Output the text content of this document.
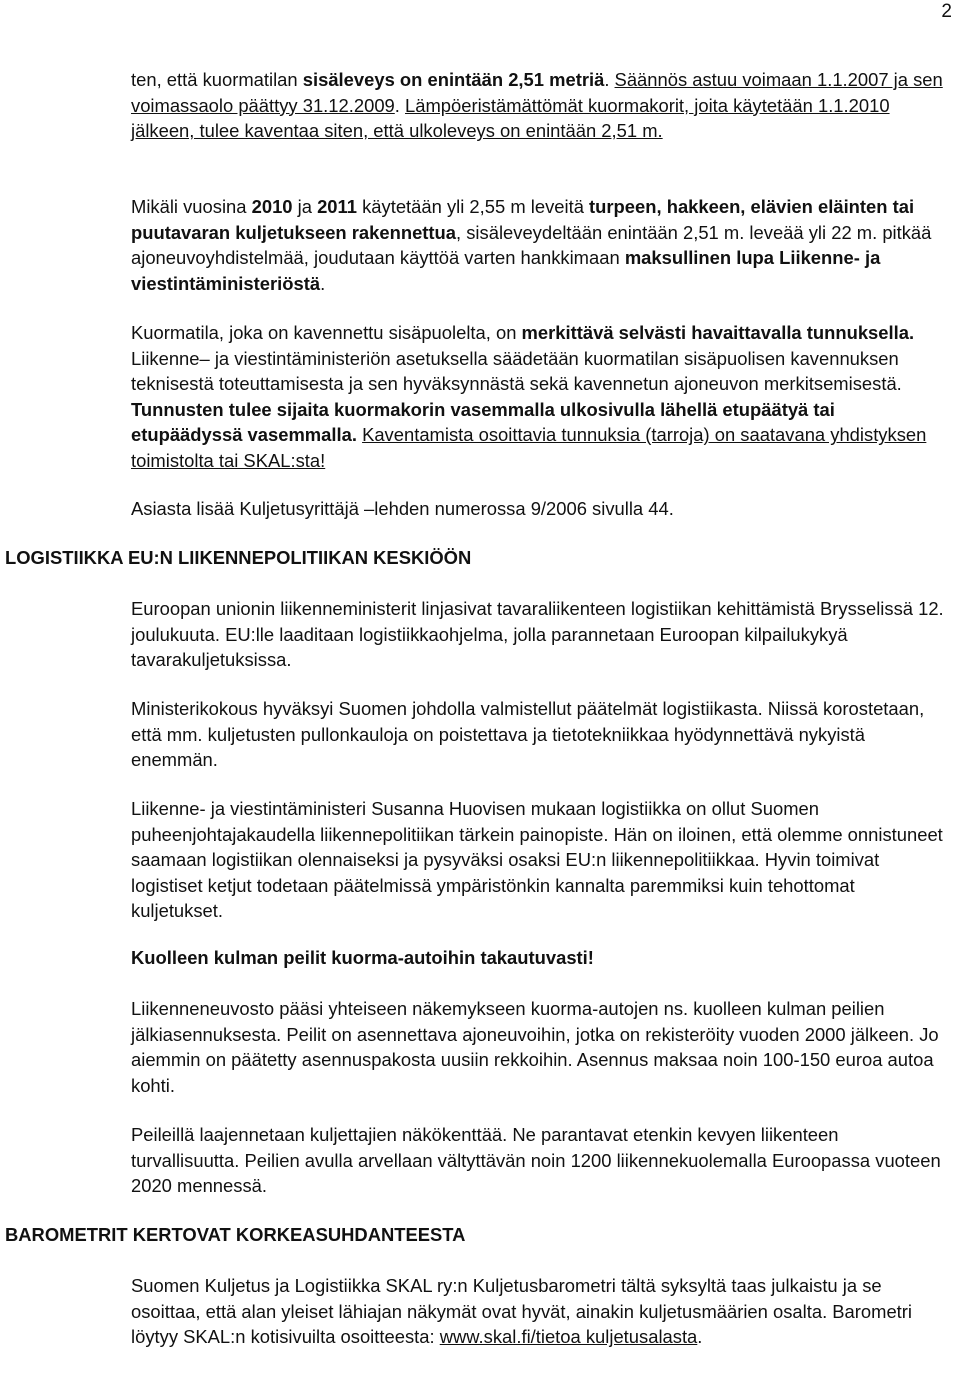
2

ten, että kuormatilan sisäleveys on enintään 2,51 metriä. Säännös astuu voimaan 1.1.2007 ja sen voimassaolo päättyy 31.12.2009. Lämpöeristämättömät kuormakorit, joita käytetään 1.1.2010 jälkeen, tulee kaventaa siten, että ulkoleveys on enintään 2,51 m.

Mikäli vuosina 2010 ja 2011 käytetään yli 2,55 m leveitä turpeen, hakkeen, elävien eläinten tai puutavaran kuljetukseen rakennettua, sisäleveydeltään enintään 2,51 m. leveää yli 22 m. pitkää ajoneuvoyhdistelmää, joudutaan käyttöä varten hankkimaan maksullinen lupa Liikenne- ja viestintäministeriöstä.

Kuormatila, joka on kavennettu sisäpuolelta, on merkittävä selvästi havaittavalla tunnuksella. Liikenne– ja viestintäministeriön asetuksella säädetään kuormatilan sisäpuolisen kavennuksen teknisestä toteuttamisesta ja sen hyväksynnästä sekä kavennetun ajoneuvon merkitsemisestä. Tunnusten tulee sijaita kuormakorin vasemmalla ulkosivulla lähellä etupäätyä tai etupäädyssä vasemmalla. Kaventamista osoittavia tunnuksia (tarroja) on saatavana yhdistyksen toimistolta tai SKAL:sta!

Asiasta lisää Kuljetusyrittäjä –lehden numerossa 9/2006 sivulla 44.

LOGISTIIKKA EU:N LIIKENNEPOLITIIKAN KESKIÖÖN

Euroopan unionin liikenneministerit linjasivat tavaraliikenteen logistiikan kehittämistä Brysselissä 12. joulukuuta. EU:lle laaditaan logistiikkaohjelma, jolla parannetaan Euroopan kilpailukykyä tavarakuljetuksissa.

Ministerikokous hyväksyi Suomen johdolla valmistellut päätelmät logistiikasta. Niissä korostetaan, että mm. kuljetusten pullonkauloja on poistettava ja tietotekniikkaa hyödynnettävä nykyistä enemmän.

Liikenne- ja viestintäministeri Susanna Huovisen mukaan logistiikka on ollut Suomen puheenjohtajakaudella liikennepolitiikan tärkein painopiste. Hän on iloinen, että olemme onnistuneet saamaan logistiikan olennaiseksi ja pysyväksi osaksi EU:n liikennepolitiikkaa. Hyvin toimivat logistiset ketjut todetaan päätelmissä ympäristönkin kannalta paremmiksi kuin tehottomat kuljetukset.

Kuolleen kulman peilit kuorma-autoihin takautuvasti!

Liikenneneuvosto pääsi yhteiseen näkemykseen kuorma-autojen ns. kuolleen kulman peilien jälkiasennuksesta. Peilit on asennettava ajoneuvoihin, jotka on rekisteröity vuoden 2000 jälkeen. Jo aiemmin on päätetty asennuspakosta uusiin rekkoihin. Asennus maksaa noin 100-150 euroa autoa kohti.

Peileillä laajennetaan kuljettajien näkökenttää. Ne parantavat etenkin kevyen liikenteen turvallisuutta. Peilien avulla arvellaan vältyttävän noin 1200 liikennekuolemalla Euroopassa vuoteen 2020 mennessä.

BAROMETRIT KERTOVAT KORKEASUHDANTEESTA

Suomen Kuljetus ja Logistiikka SKAL ry:n Kuljetusbarometri tältä syksyltä taas julkaistu ja se osoittaa, että alan yleiset lähiajan näkymät ovat hyvät, ainakin kuljetusmäärien osalta. Barometri löytyy SKAL:n kotisivuilta osoitteesta: www.skal.fi/tietoa kuljetusalasta.
